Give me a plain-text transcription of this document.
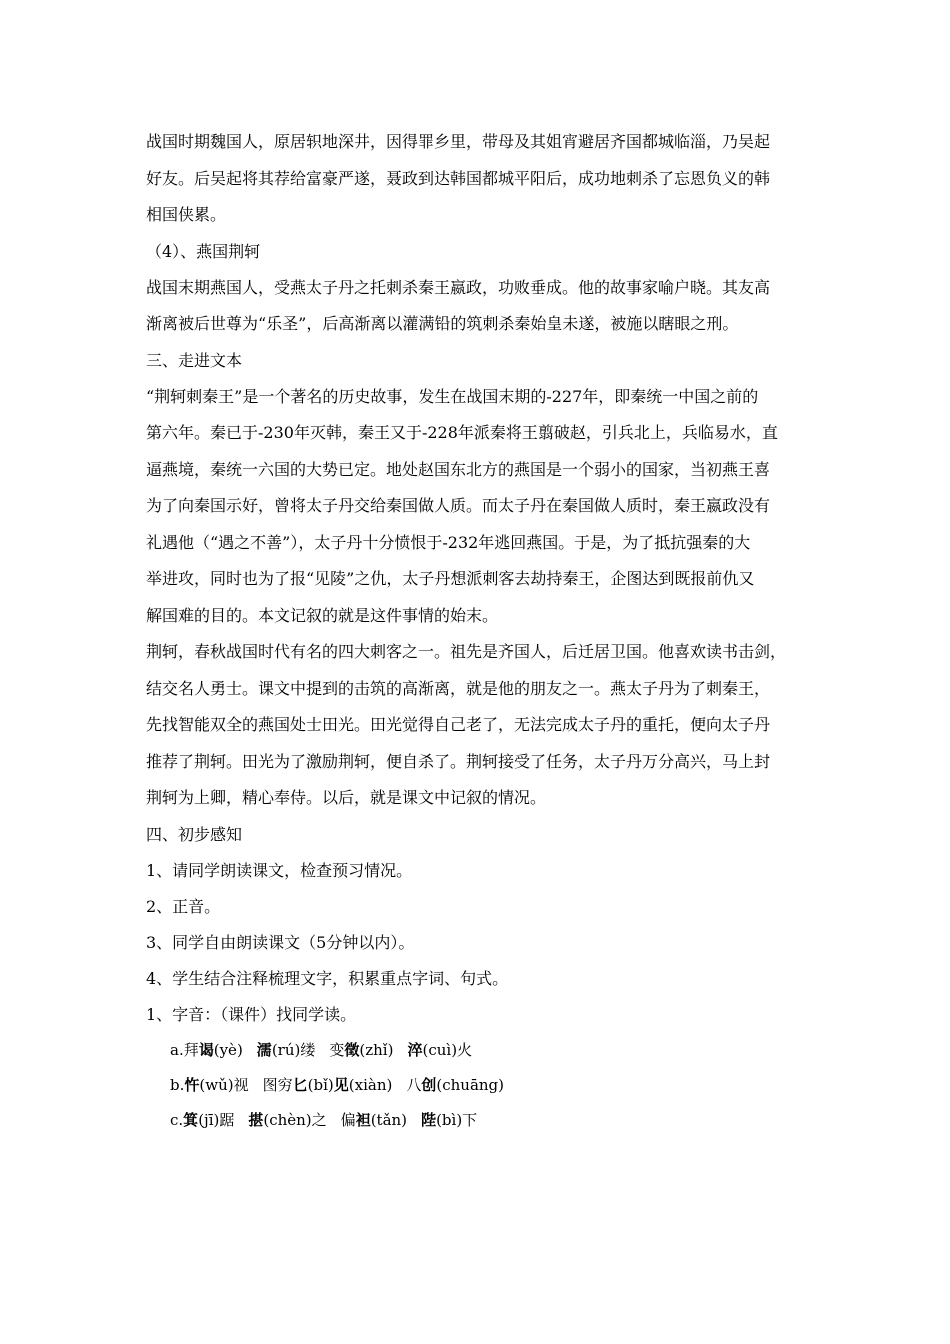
战国时期魏国人，原居轵地深井，因得罪乡里，带母及其姐宵避居齐国都城临淄，乃吴起
好友。后吴起将其荐给富豪严遂，聂政到达韩国都城平阳后，成功地刺杀了忘恩负义的韩
相国侠累。
（4）、燕国荆轲
战国末期燕国人，受燕太子丹之托刺杀秦王嬴政，功败垂成。他的故事家喻户晓。其友高
渐离被后世尊为“乐圣”，后高渐离以灌满铅的筑刺杀秦始皇未遂，被施以瞎眼之刑。
三、走进文本
“荆轲刺秦王”是一个著名的历史故事，发生在战国末期的-227年，即秦统一中国之前的
第六年。秦已于-230年灭韩，秦王又于-228年派秦将王翦破赵，引兵北上，兵临易水，直
逼燕境，秦统一六国的大势已定。地处赵国东北方的燕国是一个弱小的国家，当初燕王喜
为了向秦国示好，曾将太子丹交给秦国做人质。而太子丹在秦国做人质时，秦王嬴政没有
礼遇他（“遇之不善”），太子丹十分愤恨于-232年逃回燕国。于是，为了抵抗强秦的大
举进攻，同时也为了报“见陵”之仇，太子丹想派刺客去劫持秦王，企图达到既报前仇又
解国难的目的。本文记叙的就是这件事情的始末。
荆轲，春秋战国时代有名的四大刺客之一。祖先是齐国人，后迁居卫国。他喜欢读书击剑，
结交名人勇士。课文中提到的击筑的高渐离，就是他的朋友之一。燕太子丹为了刺秦王，
先找智能双全的燕国处士田光。田光觉得自己老了，无法完成太子丹的重托，便向太子丹
推荐了荆轲。田光为了激励荆轲，便自杀了。荆轲接受了任务，太子丹万分高兴，马上封
荆轲为上卿，精心奉侍。以后，就是课文中记叙的情况。
四、初步感知
1、请同学朗读课文，检查预习情况。
2、正音。
3、同学自由朗读课文（5分钟以内）。
4、学生结合注释梳理文字，积累重点字词、句式。
1、字音：（课件）找同学读。
a.拜谒(yè) 濡(rú)缕 变徵(zhǐ) 淬(cuì)火
b.忤(wǔ)视 图穷匕(bǐ)见(xiàn) 八创(chuāng)
c.箕(jī)踞 揕(chèn)之 偏袒(tǎn) 陛(bì)下
